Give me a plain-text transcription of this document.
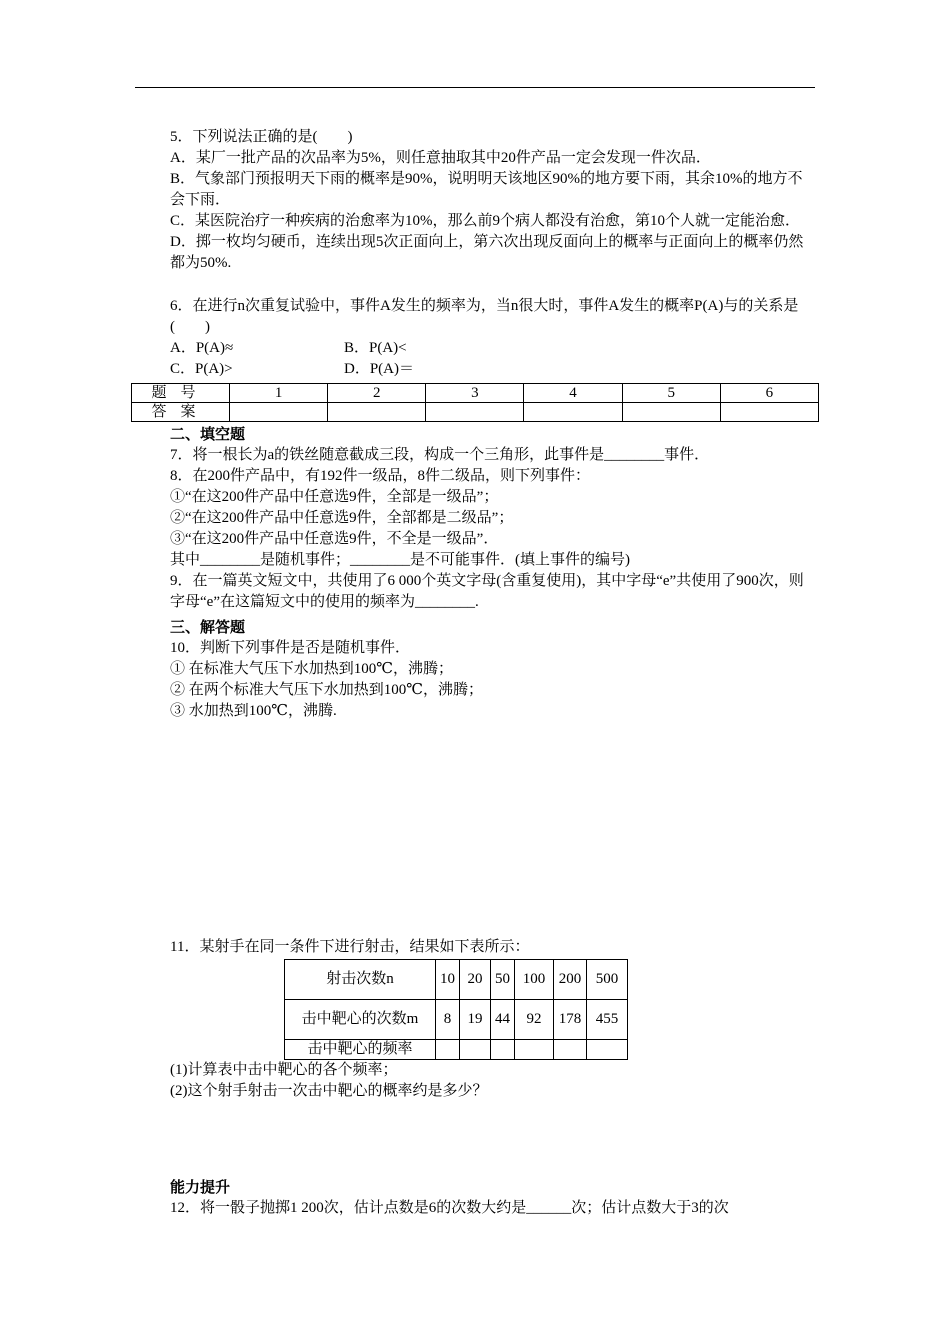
5．下列说法正确的是(　　)
A．某厂一批产品的次品率为5%，则任意抽取其中20件产品一定会发现一件次品．
B．气象部门预报明天下雨的概率是90%，说明明天该地区90%的地方要下雨，其余10%的地方不会下雨．
C．某医院治疗一种疾病的治愈率为10%，那么前9个病人都没有治愈，第10个人就一定能治愈．
D．掷一枚均匀硬币，连续出现5次正面向上，第六次出现反面向上的概率与正面向上的概率仍然都为50%.
6．在进行n次重复试验中，事件A发生的频率为，当n很大时，事件A发生的概率P(A)与的关系是(　　)
A．P(A)≈	B．P(A)<
C．P(A)>	D．P(A)＝
题号	1	2	3	4	5	6
答案						
二、填空题
7．将一根长为a的铁丝随意截成三段，构成一个三角形，此事件是________事件．
8．在200件产品中，有192件一级品，8件二级品，则下列事件：
①“在这200件产品中任意选9件，全部是一级品”；
②“在这200件产品中任意选9件，全部都是二级品”；
③“在这200件产品中任意选9件，不全是一级品”．
其中________是随机事件；________是不可能事件．(填上事件的编号)
9．在一篇英文短文中，共使用了6 000个英文字母(含重复使用)，其中字母“e”共使用了900次，则字母“e”在这篇短文中的使用的频率为________.
三、解答题
10．判断下列事件是否是随机事件．
① 在标准大气压下水加热到100℃，沸腾；
② 在两个标准大气压下水加热到100℃，沸腾；
③ 水加热到100℃，沸腾.
11．某射手在同一条件下进行射击，结果如下表所示：
射击次数n	10	20	50	100	200	500
击中靶心的次数m	8	19	44	92	178	455
击中靶心的频率						
(1)计算表中击中靶心的各个频率；
(2)这个射手射击一次击中靶心的概率约是多少？
能力提升
12．将一骰子抛掷1 200次，估计点数是6的次数大约是______次；估计点数大于3的次
